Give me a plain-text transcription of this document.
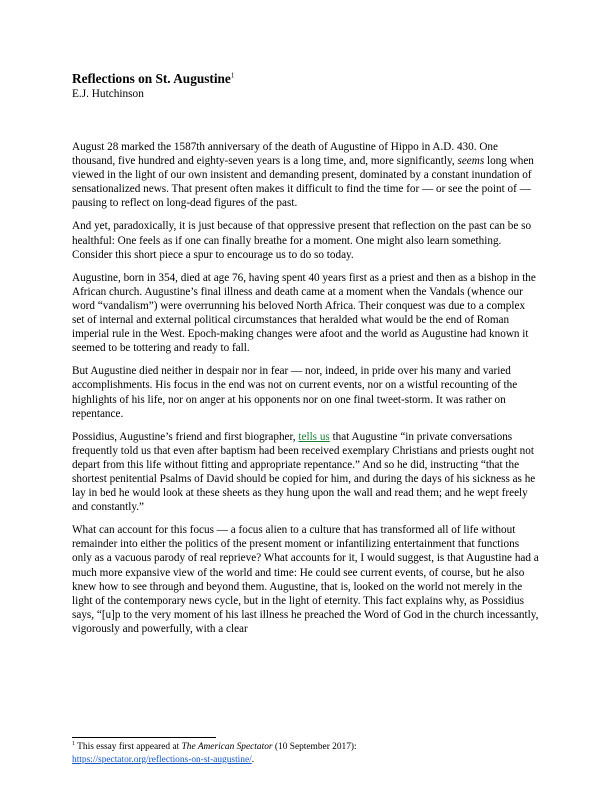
Reflections on St. Augustine$^1$

E.J. Hutchinson

August 28 marked the 1587th anniversary of the death of Augustine of Hippo in A.D. 430. One thousand, five hundred and eighty-seven years is a long time, and, more significantly, seems long when viewed in the light of our own insistent and demanding present, dominated by a constant inundation of sensationalized news. That present often makes it difficult to find the time for — or see the point of — pausing to reflect on long-dead figures of the past.

And yet, paradoxically, it is just because of that oppressive present that reflection on the past can be so healthful: One feels as if one can finally breathe for a moment. One might also learn something. Consider this short piece a spur to encourage us to do so today.

Augustine, born in 354, died at age 76, having spent 40 years first as a priest and then as a bishop in the African church. Augustine’s final illness and death came at a moment when the Vandals (whence our word “vandalism”) were overrunning his beloved North Africa. Their conquest was due to a complex set of internal and external political circumstances that heralded what would be the end of Roman imperial rule in the West. Epoch-making changes were afoot and the world as Augustine had known it seemed to be tottering and ready to fall.

But Augustine died neither in despair nor in fear — nor, indeed, in pride over his many and varied accomplishments. His focus in the end was not on current events, nor on a wistful recounting of the highlights of his life, nor on anger at his opponents nor on one final tweet-storm. It was rather on repentance.

Possidius, Augustine’s friend and first biographer, tells us that Augustine “in private conversations frequently told us that even after baptism had been received exemplary Christians and priests ought not depart from this life without fitting and appropriate repentance.” And so he did, instructing “that the shortest penitential Psalms of David should be copied for him, and during the days of his sickness as he lay in bed he would look at these sheets as they hung upon the wall and read them; and he wept freely and constantly.”

What can account for this focus — a focus alien to a culture that has transformed all of life without remainder into either the politics of the present moment or infantilizing entertainment that functions only as a vacuous parody of real reprieve? What accounts for it, I would suggest, is that Augustine had a much more expansive view of the world and time: He could see current events, of course, but he also knew how to see through and beyond them. Augustine, that is, looked on the world not merely in the light of the contemporary news cycle, but in the light of eternity. This fact explains why, as Possidius says, “[u]p to the very moment of his last illness he preached the Word of God in the church incessantly, vigorously and powerfully, with a clear

$^1$ This essay first appeared at The American Spectator (10 September 2017):
https://spectator.org/reflections-on-st-augustine/.
